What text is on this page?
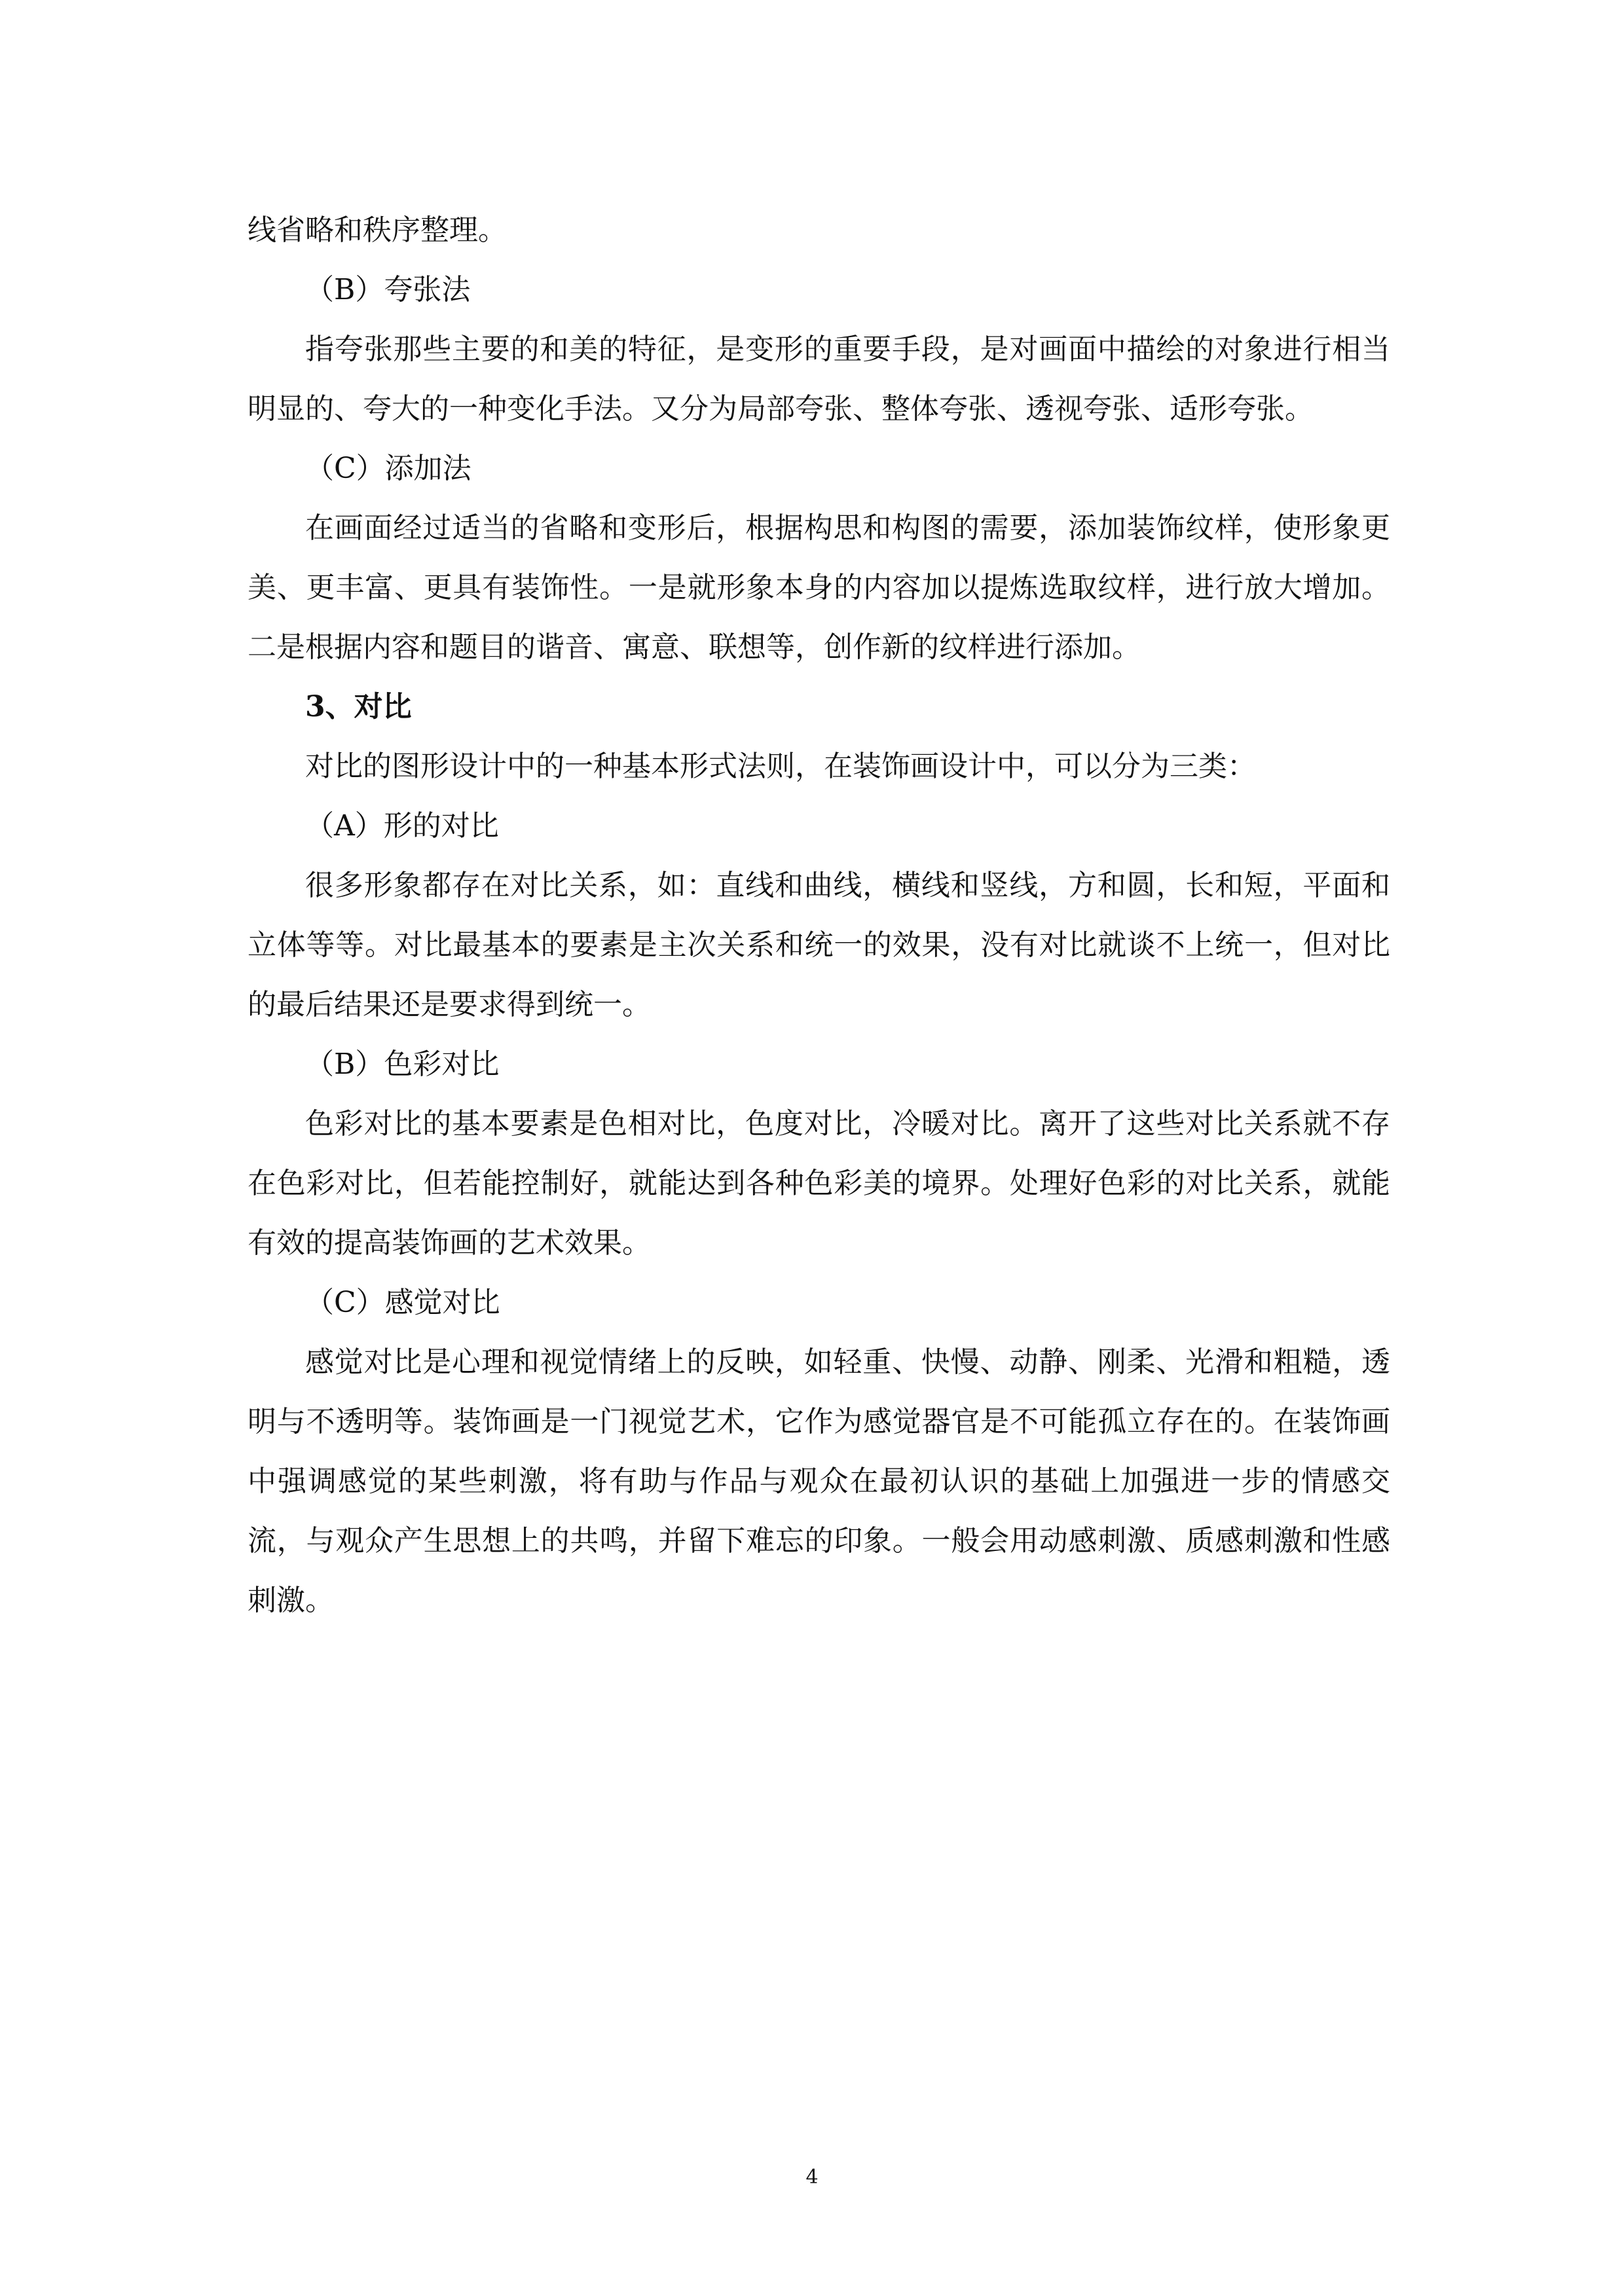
线省略和秩序整理。

（B）夸张法

指夸张那些主要的和美的特征，是变形的重要手段，是对画面中描绘的对象进行相当明显的、夸大的一种变化手法。又分为局部夸张、整体夸张、透视夸张、适形夸张。

（C）添加法

在画面经过适当的省略和变形后，根据构思和构图的需要，添加装饰纹样，使形象更美、更丰富、更具有装饰性。一是就形象本身的内容加以提炼选取纹样，进行放大增加。二是根据内容和题目的谐音、寓意、联想等，创作新的纹样进行添加。

3、对比

对比的图形设计中的一种基本形式法则，在装饰画设计中，可以分为三类：

（A）形的对比

很多形象都存在对比关系，如：直线和曲线，横线和竖线，方和圆，长和短，平面和立体等等。对比最基本的要素是主次关系和统一的效果，没有对比就谈不上统一，但对比的最后结果还是要求得到统一。

（B）色彩对比

色彩对比的基本要素是色相对比，色度对比，冷暖对比。离开了这些对比关系就不存在色彩对比，但若能控制好，就能达到各种色彩美的境界。处理好色彩的对比关系，就能有效的提高装饰画的艺术效果。

（C）感觉对比

感觉对比是心理和视觉情绪上的反映，如轻重、快慢、动静、刚柔、光滑和粗糙，透明与不透明等。装饰画是一门视觉艺术，它作为感觉器官是不可能孤立存在的。在装饰画中强调感觉的某些刺激，将有助与作品与观众在最初认识的基础上加强进一步的情感交流，与观众产生思想上的共鸣，并留下难忘的印象。一般会用动感刺激、质感刺激和性感刺激。

4
